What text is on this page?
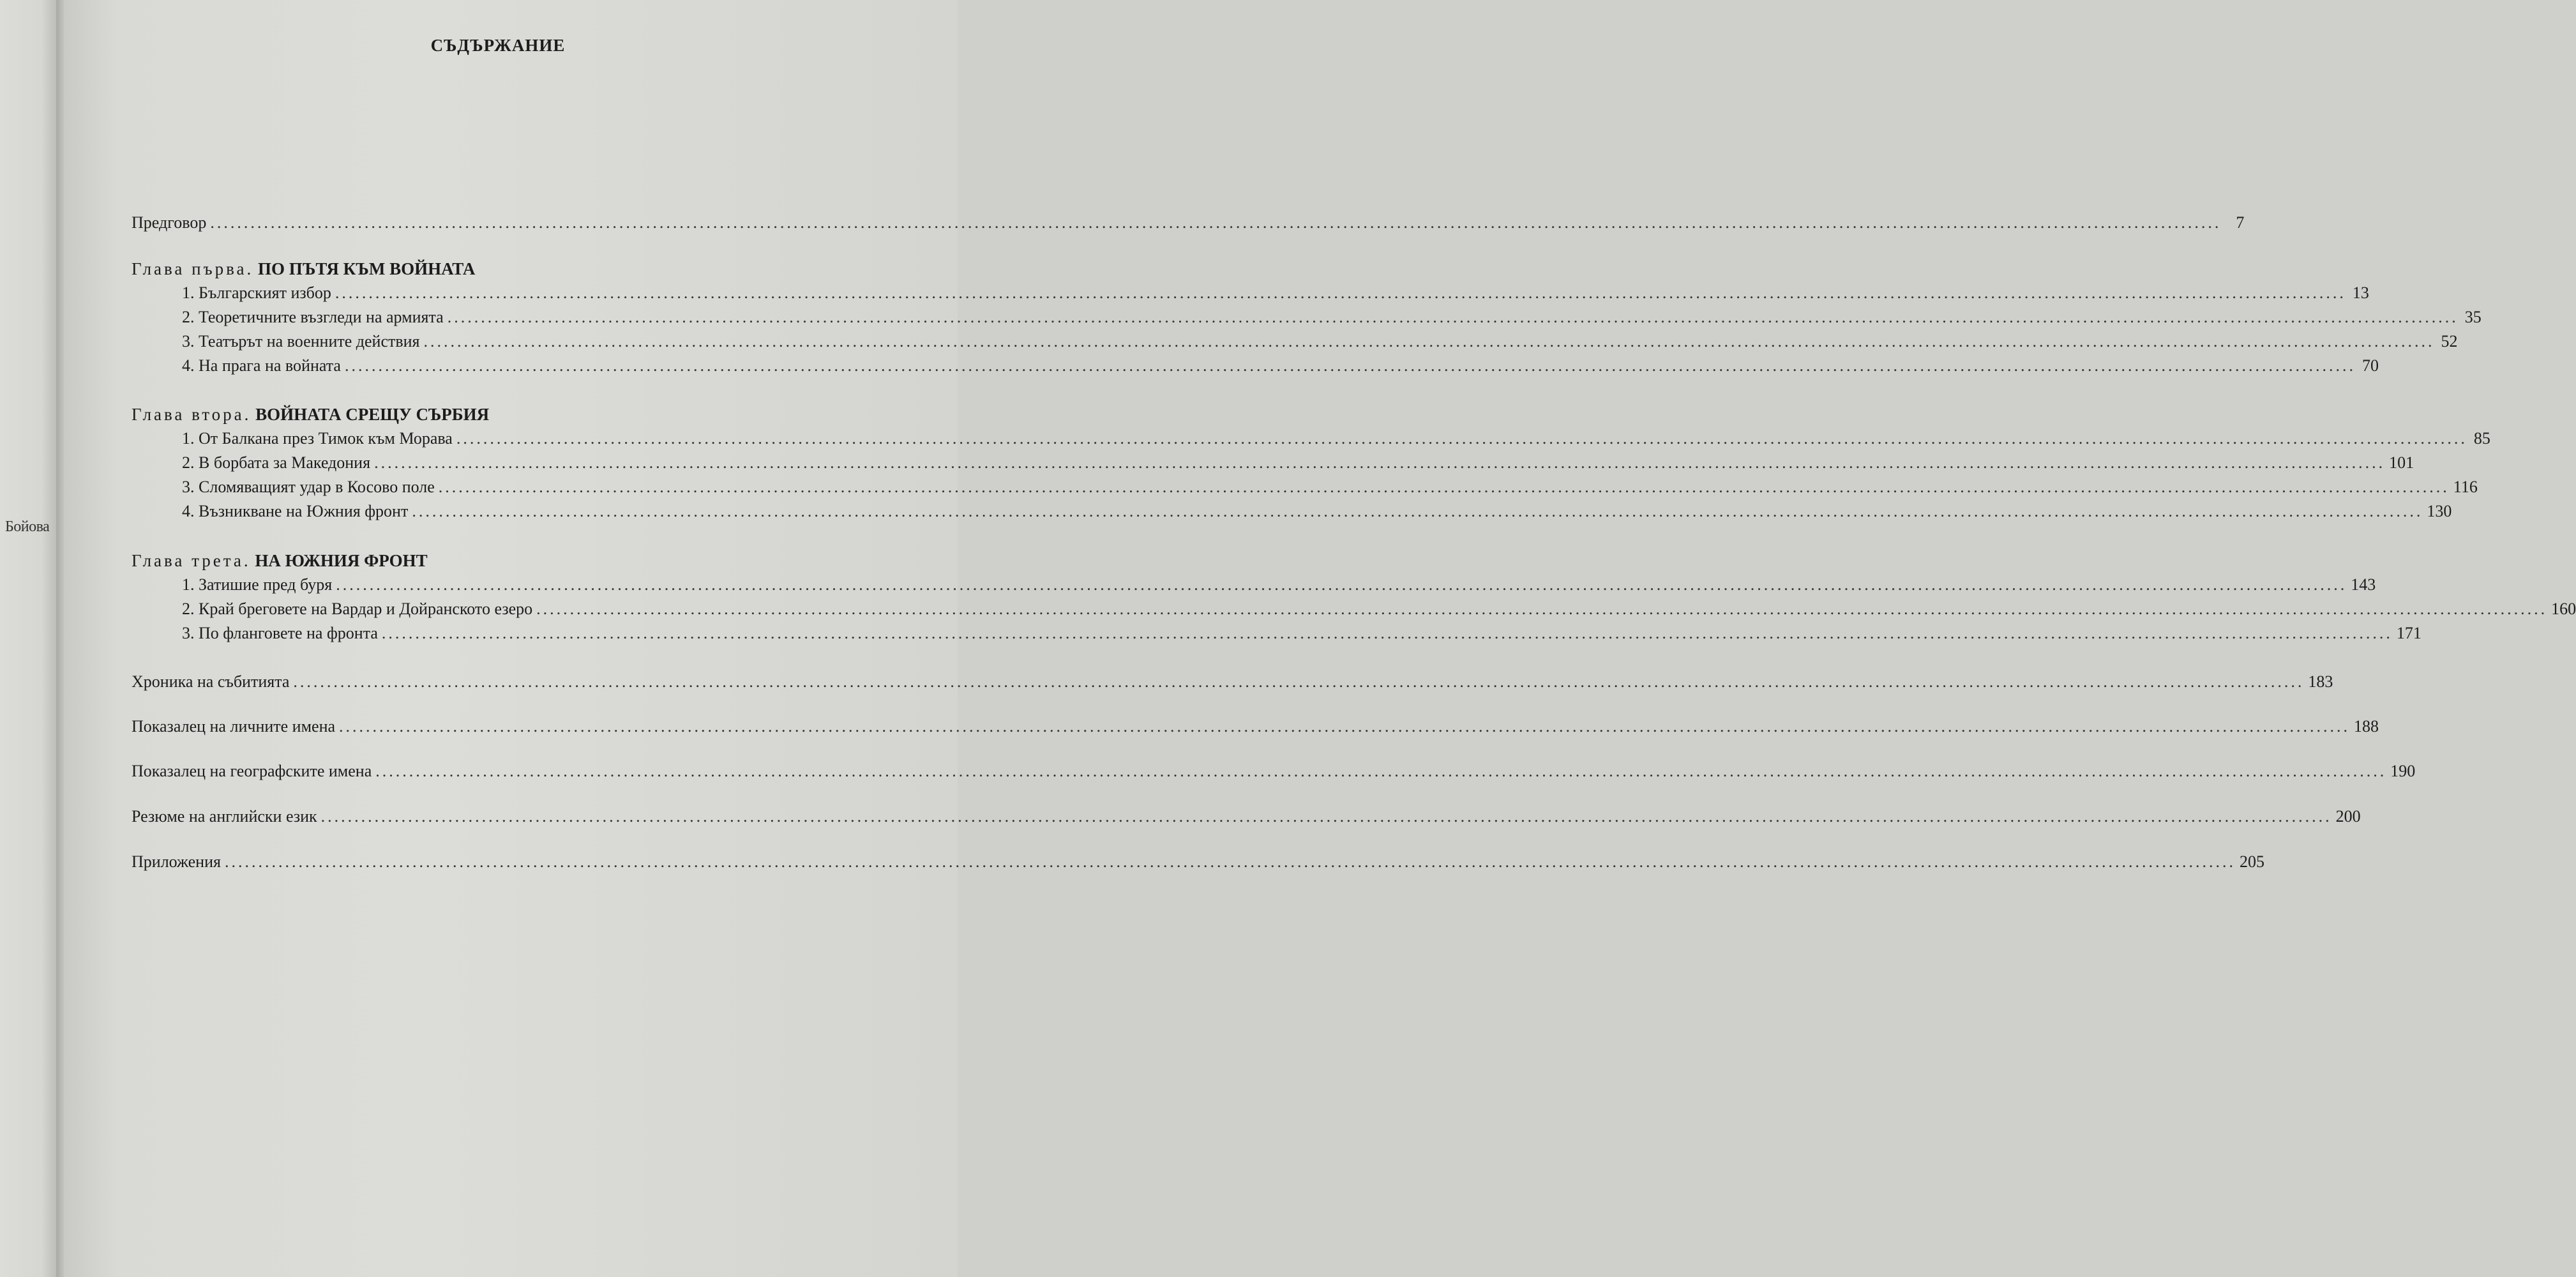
Бойова
СЪДЪРЖАНИЕ
Предговор ............................................................................................................................................................................................................................................................................................................ 7
Глава първа. ПО ПЪТЯ КЪМ ВОЙНАТА
1. Българският избор ............................................................................................................................................................................................................................................................................................................ 13
2. Теоретичните възгледи на армията ............................................................................................................................................................................................................................................................................................................ 35
3. Театърът на военните действия ............................................................................................................................................................................................................................................................................................................ 52
4. На прага на войната ............................................................................................................................................................................................................................................................................................................ 70
Глава втора. ВОЙНАТА СРЕЩУ СЪРБИЯ
1. От Балкана през Тимок към Морава ............................................................................................................................................................................................................................................................................................................ 85
2. В борбата за Македония ............................................................................................................................................................................................................................................................................................................ 101
3. Сломяващият удар в Косово поле ............................................................................................................................................................................................................................................................................................................ 116
4. Възникване на Южния фронт ............................................................................................................................................................................................................................................................................................................ 130
Глава трета. НА ЮЖНИЯ ФРОНТ
1. Затишие пред буря ............................................................................................................................................................................................................................................................................................................ 143
2. Край бреговете на Вардар и Дойранското езеро ............................................................................................................................................................................................................................................................................................................ 160
3. По фланговете на фронта ............................................................................................................................................................................................................................................................................................................ 171
Хроника на събитията ............................................................................................................................................................................................................................................................................................................ 183
Показалец на личните имена ............................................................................................................................................................................................................................................................................................................ 188
Показалец на географските имена ............................................................................................................................................................................................................................................................................................................ 190
Резюме на английски език ............................................................................................................................................................................................................................................................................................................ 200
Приложения ............................................................................................................................................................................................................................................................................................................ 205
